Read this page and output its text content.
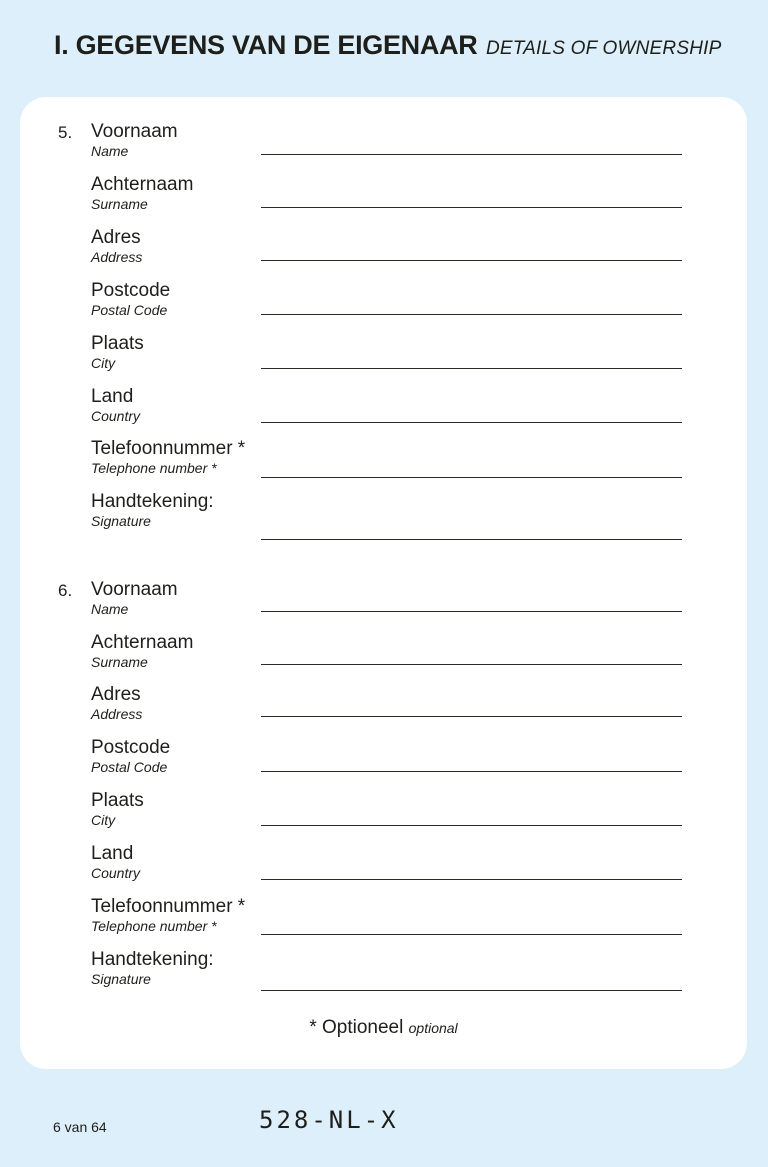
I. GEGEVENS VAN DE EIGENAAR DETAILS OF OWNERSHIP
5. Voornaam
Name
Achternaam
Surname
Adres
Address
Postcode
Postal Code
Plaats
City
Land
Country
Telefoonnummer *
Telephone number *
Handtekening:
Signature
6. Voornaam
Name
Achternaam
Surname
Adres
Address
Postcode
Postal Code
Plaats
City
Land
Country
Telefoonnummer *
Telephone number *
Handtekening:
Signature
* Optioneel optional
6 van 64	528-NL-X
